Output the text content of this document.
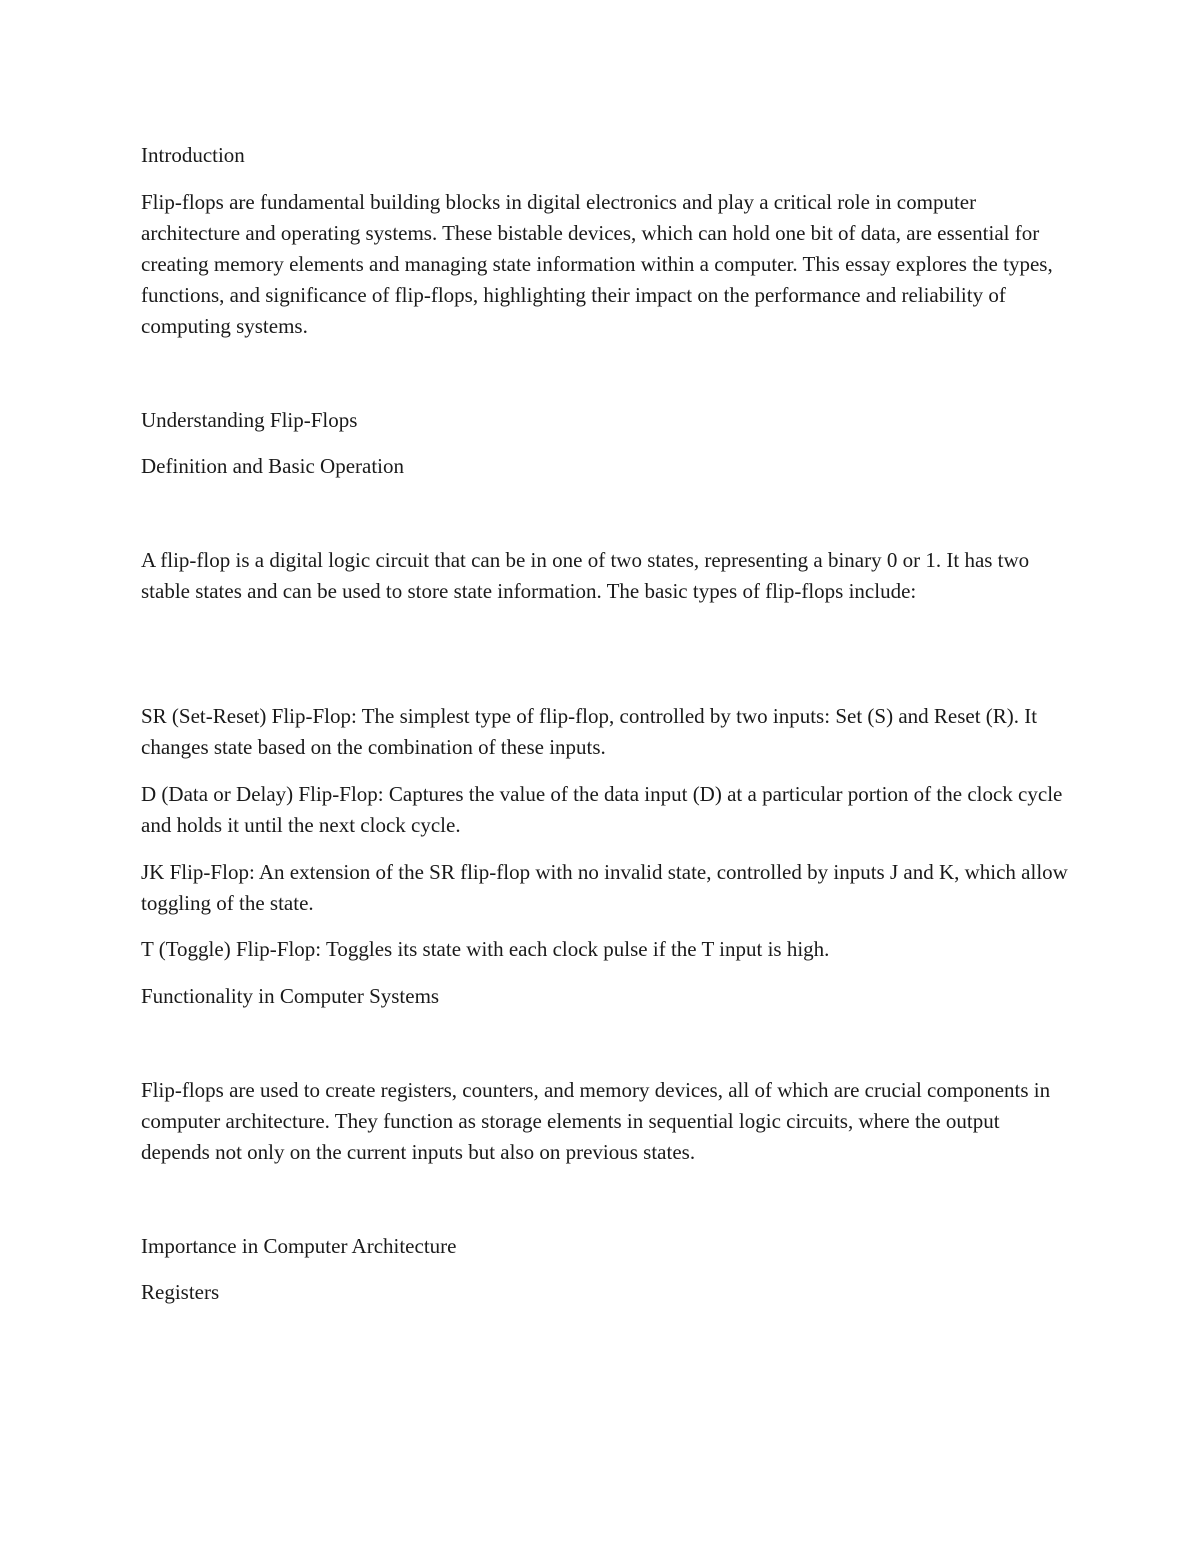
Introduction

Flip-flops are fundamental building blocks in digital electronics and play a critical role in computer architecture and operating systems. These bistable devices, which can hold one bit of data, are essential for creating memory elements and managing state information within a computer. This essay explores the types, functions, and significance of flip-flops, highlighting their impact on the performance and reliability of computing systems.

Understanding Flip-Flops

Definition and Basic Operation

A flip-flop is a digital logic circuit that can be in one of two states, representing a binary 0 or 1. It has two stable states and can be used to store state information. The basic types of flip-flops include:

SR (Set-Reset) Flip-Flop: The simplest type of flip-flop, controlled by two inputs: Set (S) and Reset (R). It changes state based on the combination of these inputs.

D (Data or Delay) Flip-Flop: Captures the value of the data input (D) at a particular portion of the clock cycle and holds it until the next clock cycle.

JK Flip-Flop: An extension of the SR flip-flop with no invalid state, controlled by inputs J and K, which allow toggling of the state.

T (Toggle) Flip-Flop: Toggles its state with each clock pulse if the T input is high.

Functionality in Computer Systems

Flip-flops are used to create registers, counters, and memory devices, all of which are crucial components in computer architecture. They function as storage elements in sequential logic circuits, where the output depends not only on the current inputs but also on previous states.

Importance in Computer Architecture

Registers
